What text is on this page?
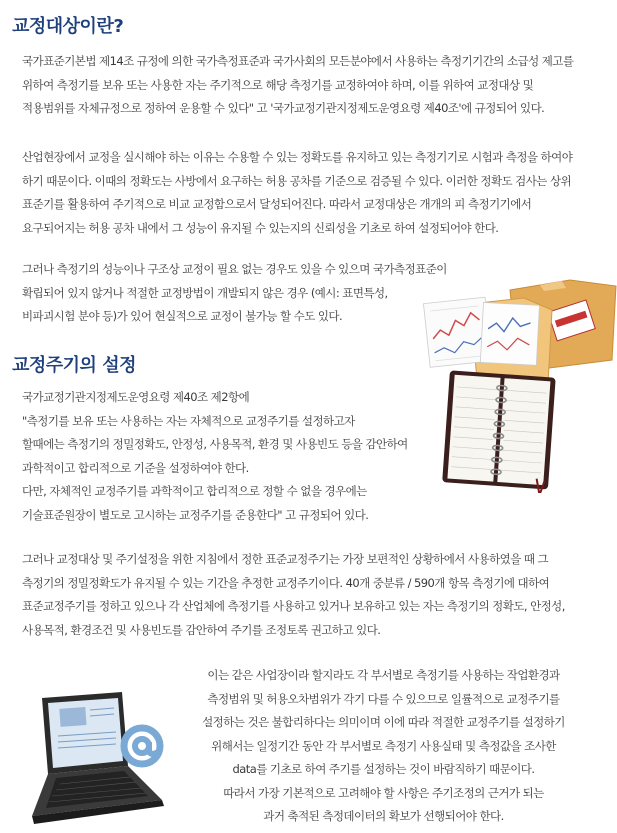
교정대상이란?
국가표준기본법 제14조 규정에 의한 국가측정표준과 국가사회의 모든분야에서 사용하는 측정기기간의 소급성 제고를
위하여 측정기를 보유 또는 사용한 자는 주기적으로 해당 측정기를 교정하여야 하며, 이를 위하여 교정대상 및
적용범위를 자체규정으로 정하여 운용할 수 있다" 고 '국가교정기관지정제도운영요령 제40조'에 규정되어 있다.
산업현장에서 교정을 실시해야 하는 이유는 수용할 수 있는 정확도를 유지하고 있는 측정기기로 시험과 측정을 하여야
하기 때문이다. 이때의 정확도는 사방에서 요구하는 허용 공차를 기준으로 검증될 수 있다. 이러한 정확도 검사는 상위
표준기를 활용하여 주기적으로 비교 교정함으로서 달성되어진다. 따라서 교정대상은 개개의 피 측정기기에서
요구되어지는 허용 공차 내에서 그 성능이 유지될 수 있는지의 신뢰성을 기초로 하여 설정되어야 한다.
그러나 측정기의 성능이나 구조상 교정이 필요 없는 경우도 있을 수 있으며 국가측정표준이
확립되어 있지 않거나 적절한 교정방법이 개발되지 않은 경우 (예시: 표면특성,
비파괴시험 분야 등)가 있어 현실적으로 교정이 불가능 할 수도 있다.
교정주기의 설정
국가교정기관지정제도운영요령 제40조 제2항에
"측정기를 보유 또는 사용하는 자는 자체적으로 교정주기를 설정하고자
할때에는 측정기의 정밀정확도, 안정성, 사용목적, 환경 및 사용빈도 등을 감안하여
과학적이고 합리적으로 기준을 설정하여야 한다.
다만, 자체적인 교정주기를 과학적이고 합리적으로 정할 수 없을 경우에는
기술표준원장이 별도로 고시하는 교정주기를 준용한다" 고 규정되어 있다.
그러나 교정대상 및 주기설정을 위한 지침에서 정한 표준교정주기는 가장 보편적인 상황하에서 사용하였을 때 그
측정기의 정밀정확도가 유지될 수 있는 기간을 추정한 교정주기이다. 40개 중분류 / 590개 항목 측정기에 대하여
표준교정주기를 정하고 있으나 각 산업체에 측정기를 사용하고 있거나 보유하고 있는 자는 측정기의 정확도, 안정성,
사용목적, 환경조건 및 사용빈도를 감안하여 주기를 조정토록 권고하고 있다.
이는 같은 사업장이라 할지라도 각 부서별로 측정기를 사용하는 작업환경과
측정범위 및 허용오차범위가 각기 다를 수 있으므로 일률적으로 교정주기를
설정하는 것은 불합리하다는 의미이며 이에 따라 적절한 교정주기를 설정하기
위해서는 일정기간 동안 각 부서별로 측정기 사용실태 및 측정값을 조사한
data를 기초로 하여 주기를 설정하는 것이 바람직하기 때문이다.
따라서 가장 기본적으로 고려해야 할 사항은 주기조정의 근거가 되는
과거 축적된 측정데이터의 확보가 선행되어야 한다.
